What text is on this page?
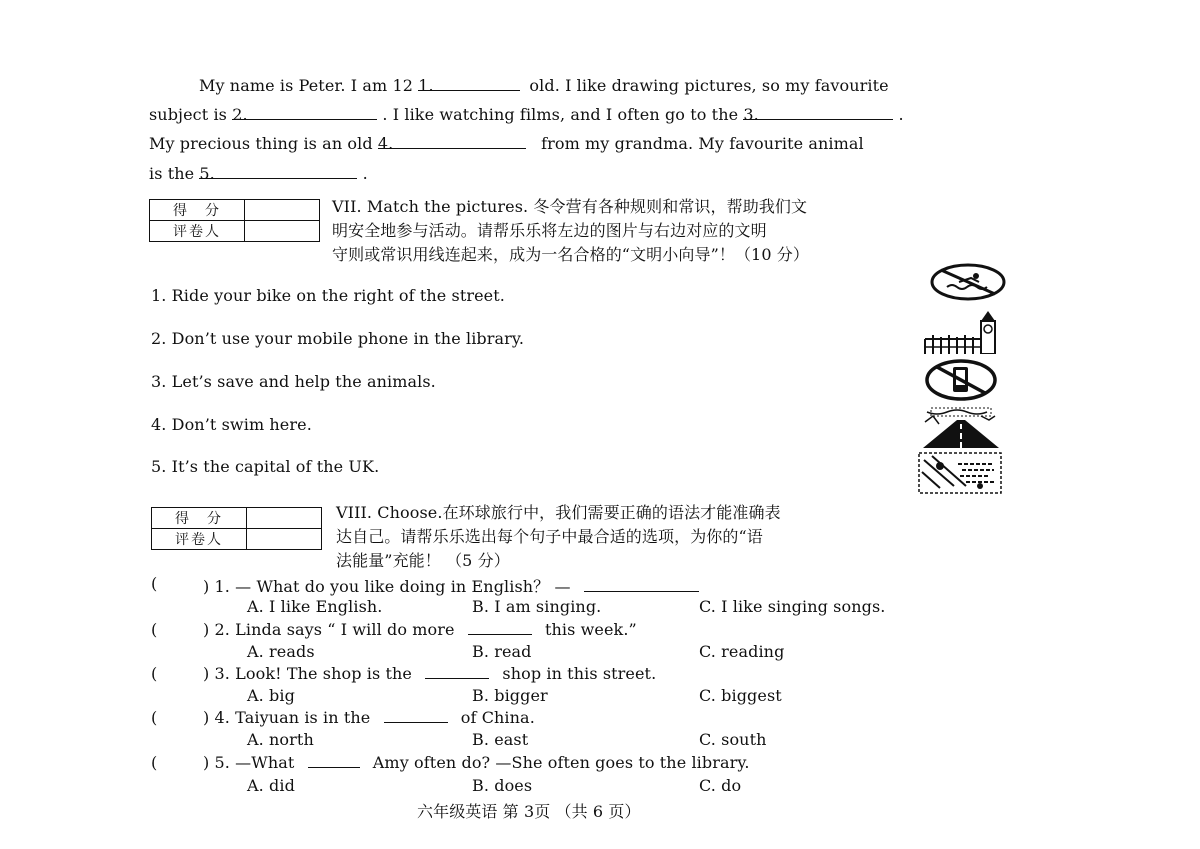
My name is Peter. I am 12 1.	old. I like drawing pictures, so my favourite
subject is 2.	. I like watching films, and I often go to the 3.	.
My precious thing is an old 4.	from my grandma. My favourite animal
is the 5.	.
得　分	
评卷人	
VII. Match the pictures. 冬令营有各种规则和常识，帮助我们文
明安全地参与活动。请帮乐乐将左边的图片与右边对应的文明
守则或常识用线连起来，成为一名合格的“文明小向导”！（10 分）
1. Ride your bike on the right of the street.
2. Don’t use your mobile phone in the library.
3. Let’s save and help the animals.
4. Don’t swim here.
5. It’s the capital of the UK.
得　分	
评卷人	
VIII. Choose.在环球旅行中，我们需要正确的语法才能准确表
达自己。请帮乐乐选出每个句子中最合适的选项，为你的“语
法能量”充能！ （5 分）
(	) 1. — What do you like doing in English？ —
A. I like English.	B. I am singing.	C. I like singing songs.
(	) 2. Linda says “ I will do more	this week.”
A. reads	B. read	C. reading
(	) 3. Look! The shop is the	shop in this street.
A. big	B. bigger	C. biggest
(	) 4. Taiyuan is in the	of China.
A. north	B. east	C. south
(	) 5. —What	Amy often do? —She often goes to the library.
A. did	B. does	C. do
六年级英语 第 3页 （共 6 页）
